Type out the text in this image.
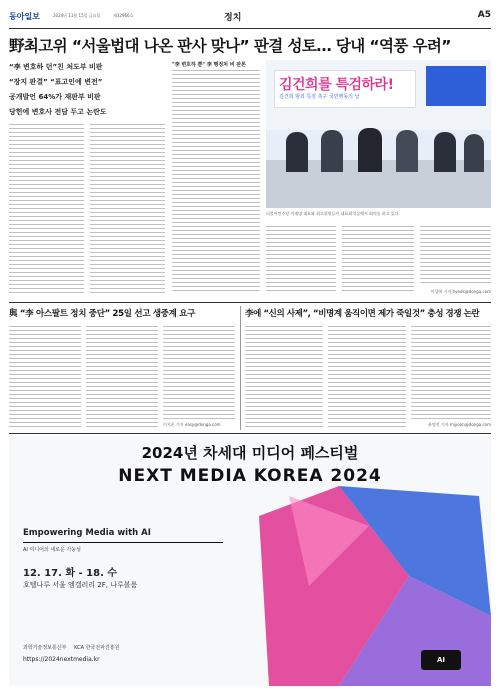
동아일보	2024년 11월 15일 금요일	제32966호	정치	A5
野최고위 “서울법대 나온 판사 맞나” 판결 성토… 당내 “역풍 우려”
“李 변호하 던”친 처도부 비판
“장지 판결” “표고인에 변전”
공개발언 64%가 재판부 비판
당헌에 변호사 전담 두고 논란도
"李 변호하 뿐" 李 행정처 비 판론
김건희를 특검하라!
김건희 범죄 특검 촉구 국민행동의 날
더불어민주당 이재명 대표와 최고위원들이 대표회의실에서 회의를 하고 있다.
이상혁 기자 hyeok@donga.com
與 “李 아스팔트 정치 중단” 25일 선고 생중계 요구
이지운 기자 easy@donga.com
李에 “신의 사제”, “비명계 움직이면 제가 죽일것” 충성 경쟁 논란
윤명진 기자 mjyoon@donga.com
2024년 차세대 미디어 페스티벌
NEXT MEDIA KOREA 2024
Empowering Media with AI
AI 미디어의 새로운 가능성
12. 17. 화 - 18. 수
호텔나루 서울 엠갤러리 2F, 나루볼룸
과학기술정보통신부 KCA 한국전파진흥원
https://2024nextmedia.kr	AI
